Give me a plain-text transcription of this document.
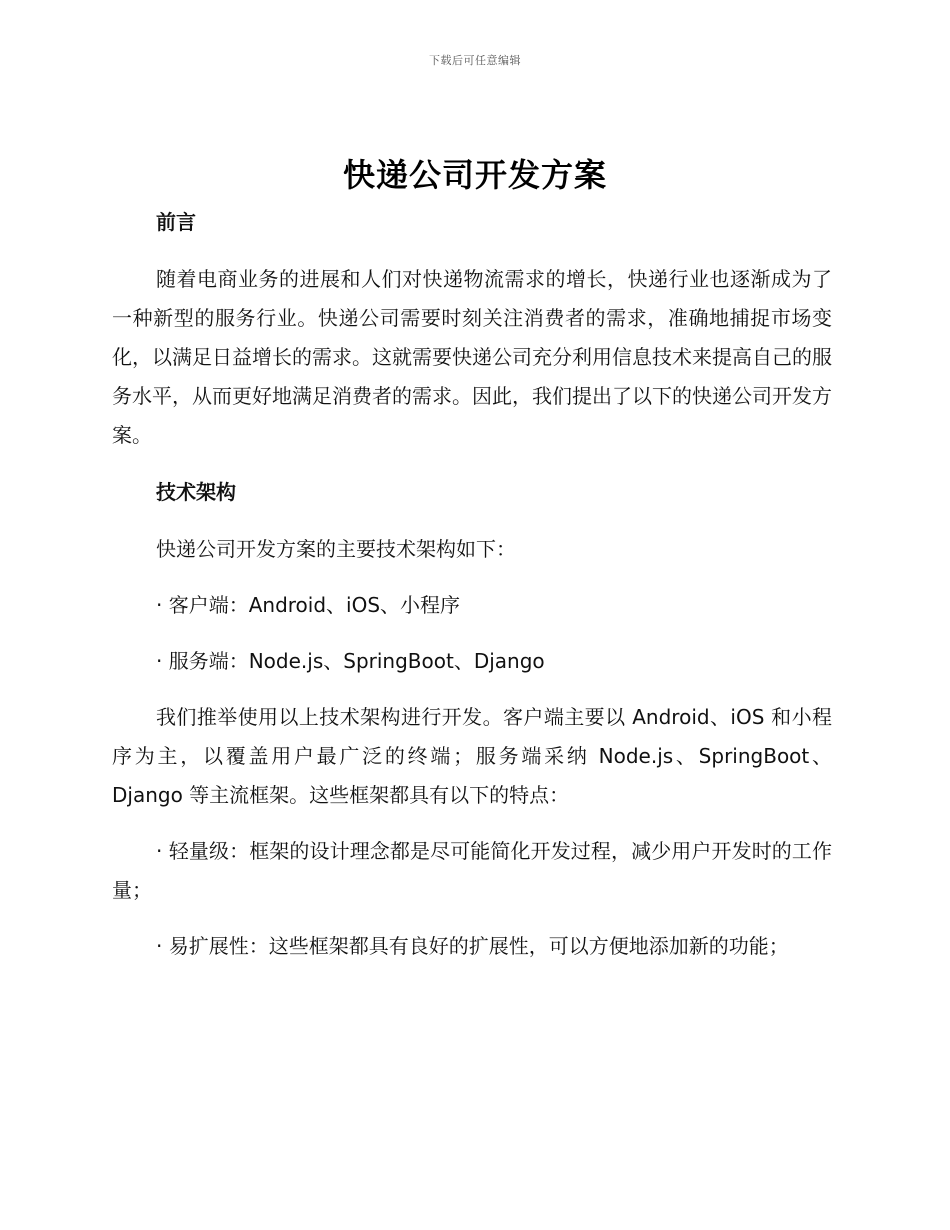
下载后可任意编辑
快递公司开发方案

前言

随着电商业务的进展和人们对快递物流需求的增长，快递行业也逐渐成为了一种新型的服务行业。快递公司需要时刻关注消费者的需求，准确地捕捉市场变化，以满足日益增长的需求。这就需要快递公司充分利用信息技术来提高自己的服务水平，从而更好地满足消费者的需求。因此，我们提出了以下的快递公司开发方案。

技术架构

快递公司开发方案的主要技术架构如下：

· 客户端：Android、iOS、小程序

· 服务端：Node.js、SpringBoot、Django

我们推举使用以上技术架构进行开发。客户端主要以 Android、iOS 和小程序为主，以覆盖用户最广泛的终端；服务端采纳 Node.js、SpringBoot、Django 等主流框架。这些框架都具有以下的特点：

· 轻量级：框架的设计理念都是尽可能简化开发过程，减少用户开发时的工作量；

· 易扩展性：这些框架都具有良好的扩展性，可以方便地添加新的功能；
